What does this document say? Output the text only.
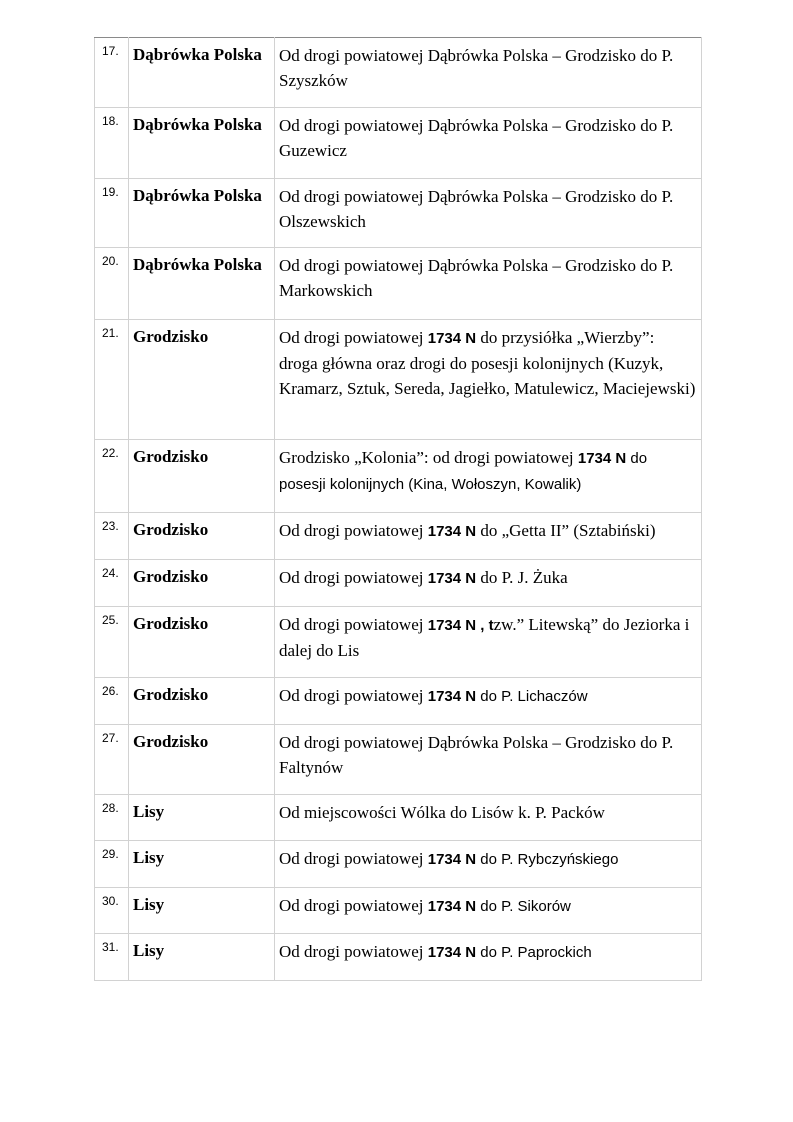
17.	Dąbrówka Polska	Od drogi powiatowej Dąbrówka Polska – Grodzisko do P. Szyszków
18.	Dąbrówka Polska	Od drogi powiatowej Dąbrówka Polska – Grodzisko do P. Guzewicz
19.	Dąbrówka Polska	Od drogi powiatowej Dąbrówka Polska – Grodzisko do P. Olszewskich
20.	Dąbrówka Polska	Od drogi powiatowej Dąbrówka Polska – Grodzisko do P. Markowskich
21.	Grodzisko	Od drogi powiatowej 1734 N do przysiółka „Wierzby”: droga główna oraz drogi do posesji kolonijnych (Kuzyk, Kramarz, Sztuk, Sereda, Jagiełko, Matulewicz, Maciejewski)
22.	Grodzisko	Grodzisko „Kolonia”: od drogi powiatowej 1734 N do posesji kolonijnych (Kina, Wołoszyn, Kowalik)
23.	Grodzisko	Od drogi powiatowej 1734 N do „Getta II” (Sztabiński)
24.	Grodzisko	Od drogi powiatowej 1734 N do P. J. Żuka
25.	Grodzisko	Od drogi powiatowej 1734 N , tzw.” Litewską” do Jeziorka i dalej do Lis
26.	Grodzisko	Od drogi powiatowej 1734 N do P. Lichaczów
27.	Grodzisko	Od drogi powiatowej Dąbrówka Polska – Grodzisko do P. Faltynów
28.	Lisy	Od miejscowości Wólka do Lisów k. P. Packów
29.	Lisy	Od drogi powiatowej 1734 N do P. Rybczyńskiego
30.	Lisy	Od drogi powiatowej 1734 N do P. Sikorów
31.	Lisy	Od drogi powiatowej 1734 N do P. Paprockich
